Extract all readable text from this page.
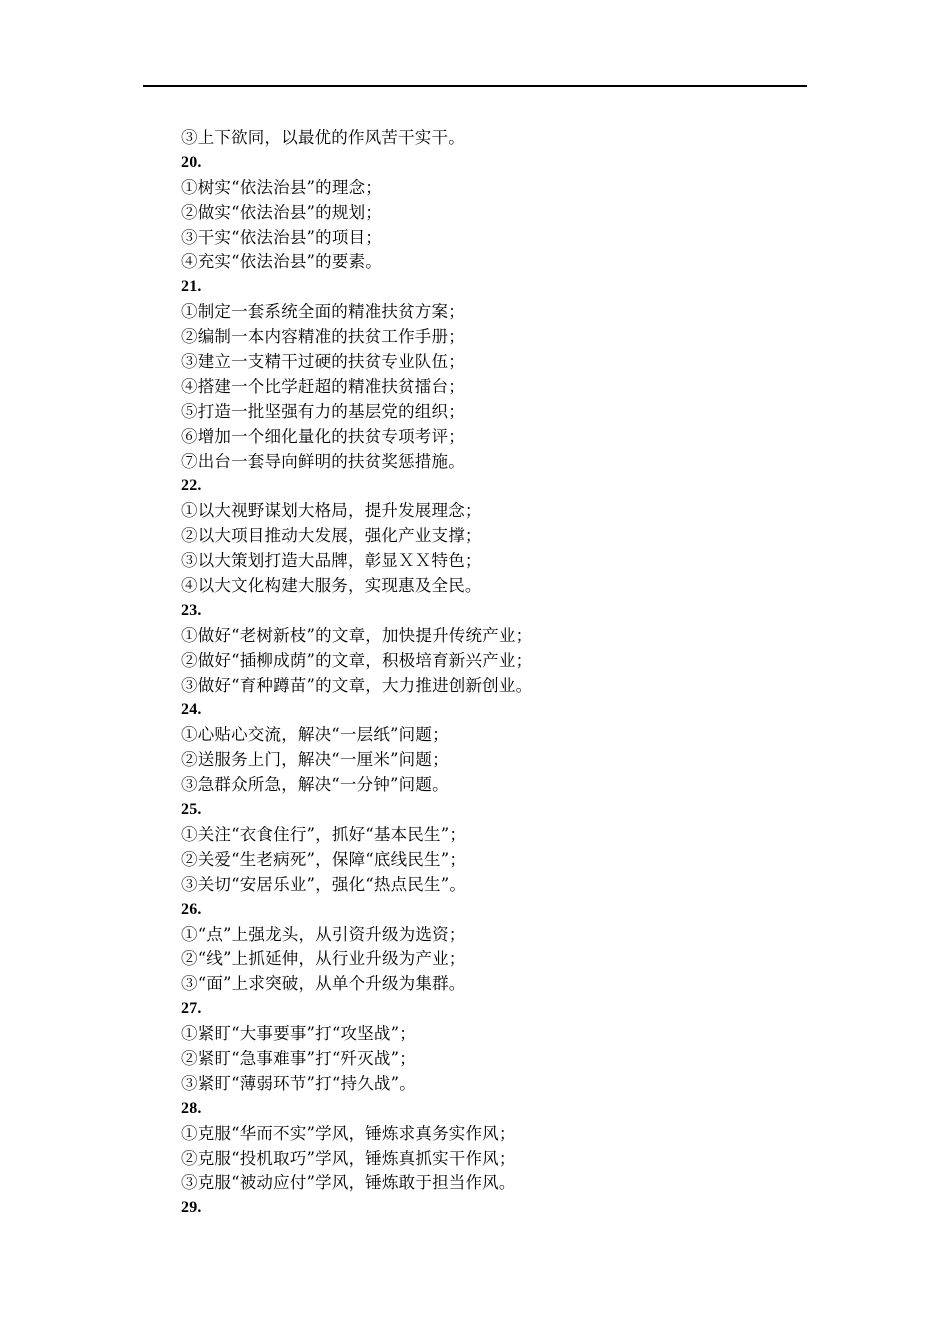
③上下欲同，以最优的作风苦干实干。
20.
①树实“依法治县”的理念；
②做实“依法治县”的规划；
③干实“依法治县”的项目；
④充实“依法治县”的要素。
21.
①制定一套系统全面的精准扶贫方案；
②编制一本内容精准的扶贫工作手册；
③建立一支精干过硬的扶贫专业队伍；
④搭建一个比学赶超的精准扶贫擂台；
⑤打造一批坚强有力的基层党的组织；
⑥增加一个细化量化的扶贫专项考评；
⑦出台一套导向鲜明的扶贫奖惩措施。
22.
①以大视野谋划大格局，提升发展理念；
②以大项目推动大发展，强化产业支撑；
③以大策划打造大品牌，彰显ＸＸ特色；
④以大文化构建大服务，实现惠及全民。
23.
①做好“老树新枝”的文章，加快提升传统产业；
②做好“插柳成荫”的文章，积极培育新兴产业；
③做好“育种蹲苗”的文章，大力推进创新创业。
24.
①心贴心交流，解决“一层纸”问题；
②送服务上门，解决“一厘米”问题；
③急群众所急，解决“一分钟”问题。
25.
①关注“衣食住行”，抓好“基本民生”；
②关爱“生老病死”，保障“底线民生”；
③关切“安居乐业”，强化“热点民生”。
26.
①“点”上强龙头，从引资升级为选资；
②“线”上抓延伸，从行业升级为产业；
③“面”上求突破，从单个升级为集群。
27.
①紧盯“大事要事”打“攻坚战”；
②紧盯“急事难事”打“歼灭战”；
③紧盯“薄弱环节”打“持久战”。
28.
①克服“华而不实”学风，锤炼求真务实作风；
②克服“投机取巧”学风，锤炼真抓实干作风；
③克服“被动应付”学风，锤炼敢于担当作风。
29.
